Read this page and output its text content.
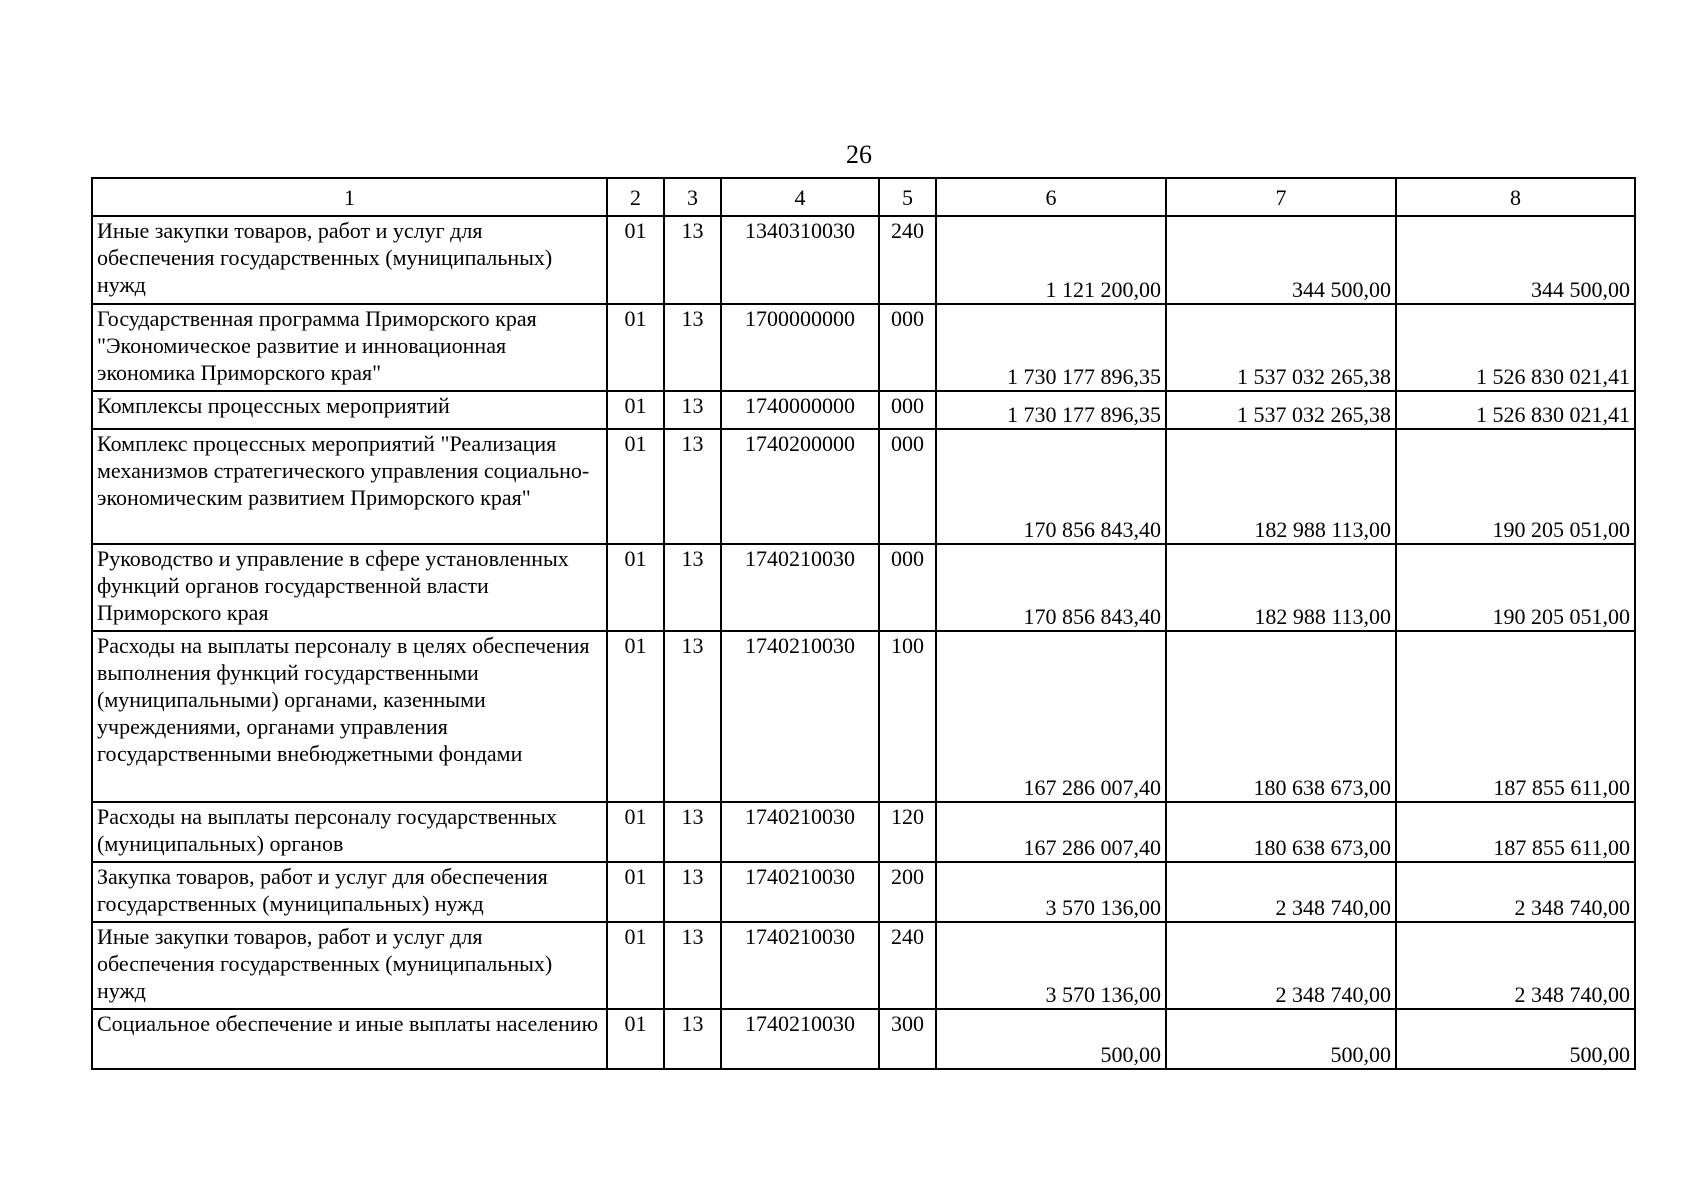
26
1	2	3	4	5	6	7	8
Иные закупки товаров, работ и услуг для обеспечения государственных (муниципальных) нужд	01	13	1340310030	240	1 121 200,00	344 500,00	344 500,00
Государственная программа Приморского края "Экономическое развитие и инновационная экономика Приморского края"	01	13	1700000000	000	1 730 177 896,35	1 537 032 265,38	1 526 830 021,41
Комплексы процессных мероприятий	01	13	1740000000	000	1 730 177 896,35	1 537 032 265,38	1 526 830 021,41
Комплекс процессных мероприятий "Реализация механизмов стратегического управления социально-экономическим развитием Приморского края"	01	13	1740200000	000	170 856 843,40	182 988 113,00	190 205 051,00
Руководство и управление в сфере установленных функций органов государственной власти Приморского края	01	13	1740210030	000	170 856 843,40	182 988 113,00	190 205 051,00
Расходы на выплаты персоналу в целях обеспечения выполнения функций государственными (муниципальными) органами, казенными учреждениями, органами управления государственными внебюджетными фондами	01	13	1740210030	100	167 286 007,40	180 638 673,00	187 855 611,00
Расходы на выплаты персоналу государственных (муниципальных) органов	01	13	1740210030	120	167 286 007,40	180 638 673,00	187 855 611,00
Закупка товаров, работ и услуг для обеспечения государственных (муниципальных) нужд	01	13	1740210030	200	3 570 136,00	2 348 740,00	2 348 740,00
Иные закупки товаров, работ и услуг для обеспечения государственных (муниципальных) нужд	01	13	1740210030	240	3 570 136,00	2 348 740,00	2 348 740,00
Социальное обеспечение и иные выплаты населению	01	13	1740210030	300	500,00	500,00	500,00
